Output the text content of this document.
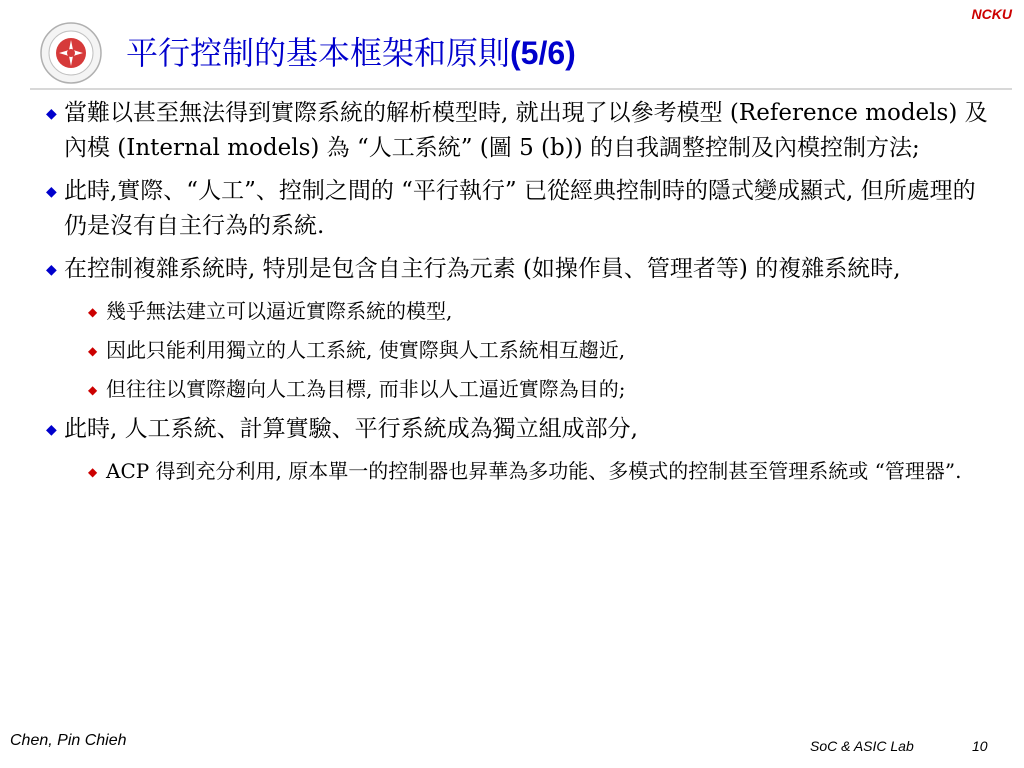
NCKU
平行控制的基本框架和原則(5/6)

◆ 當難以甚至無法得到實際系統的解析模型時, 就出現了以參考模型 (Reference models) 及內模 (Internal models) 為 “人工系統” (圖 5 (b)) 的自我調整控制及內模控制方法;

◆ 此時,實際、“人工”、控制之間的 “平行執行” 已從經典控制時的隱式變成顯式, 但所處理的仍是沒有自主行為的系統.

◆ 在控制複雜系統時, 特別是包含自主行為元素 (如操作員、管理者等) 的複雜系統時,

◆ 幾乎無法建立可以逼近實際系統的模型,

◆ 因此只能利用獨立的人工系統, 使實際與人工系統相互趨近,

◆ 但往往以實際趨向人工為目標, 而非以人工逼近實際為目的;

◆ 此時, 人工系統、計算實驗、平行系統成為獨立組成部分,

◆ ACP 得到充分利用, 原本單一的控制器也昇華為多功能、多模式的控制甚至管理系統或 “管理器”.

Chen, Pin Chieh	SoC & ASIC Lab	10
